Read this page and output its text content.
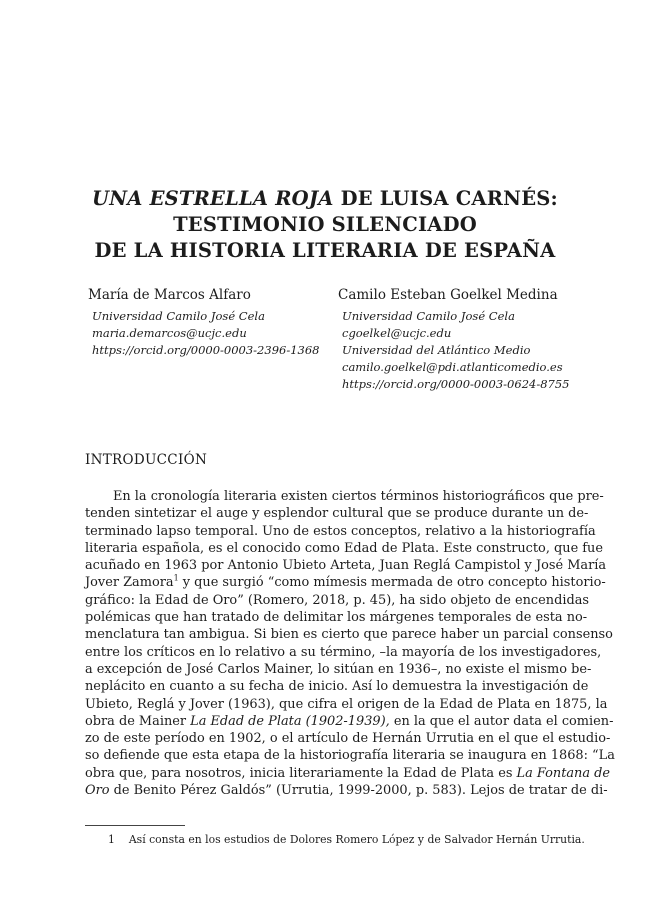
UNA ESTRELLA ROJA DE LUISA CARNÉS:
TESTIMONIO SILENCIADO
DE LA HISTORIA LITERARIA DE ESPAÑA
María de Marcos Alfaro
Universidad Camilo José Cela
maria.demarcos@ucjc.edu
https://orcid.org/0000-0003-2396-1368
Camilo Esteban Goelkel Medina
Universidad Camilo José Cela
cgoelkel@ucjc.edu
Universidad del Atlántico Medio
camilo.goelkel@pdi.atlanticomedio.es
https://orcid.org/0000-0003-0624-8755
INTRODUCCIÓN
En la cronología literaria existen ciertos términos historiográficos que pre-
tenden sintetizar el auge y esplendor cultural que se produce durante un de-
terminado lapso temporal. Uno de estos conceptos, relativo a la historiografía
literaria española, es el conocido como Edad de Plata. Este constructo, que fue
acuñado en 1963 por Antonio Ubieto Arteta, Juan Reglá Campistol y José María
Jover Zamora$^1$ y que surgió “como mímesis mermada de otro concepto historio-
gráfico: la Edad de Oro” (Romero, 2018, p. 45), ha sido objeto de encendidas
polémicas que han tratado de delimitar los márgenes temporales de esta no-
menclatura tan ambigua. Si bien es cierto que parece haber un parcial consenso
entre los críticos en lo relativo a su término, –la mayoría de los investigadores,
a excepción de José Carlos Mainer, lo sitúan en 1936–, no existe el mismo be-
neplácito en cuanto a su fecha de inicio. Así lo demuestra la investigación de
Ubieto, Reglá y Jover (1963), que cifra el origen de la Edad de Plata en 1875, la
obra de Mainer La Edad de Plata (1902-1939), en la que el autor data el comien-
zo de este período en 1902, o el artículo de Hernán Urrutia en el que el estudio-
so defiende que esta etapa de la historiografía literaria se inaugura en 1868: “La
obra que, para nosotros, inicia literariamente la Edad de Plata es La Fontana de
Oro de Benito Pérez Galdós” (Urrutia, 1999-2000, p. 583). Lejos de tratar de di-
1 Así consta en los estudios de Dolores Romero López y de Salvador Hernán Urrutia.
